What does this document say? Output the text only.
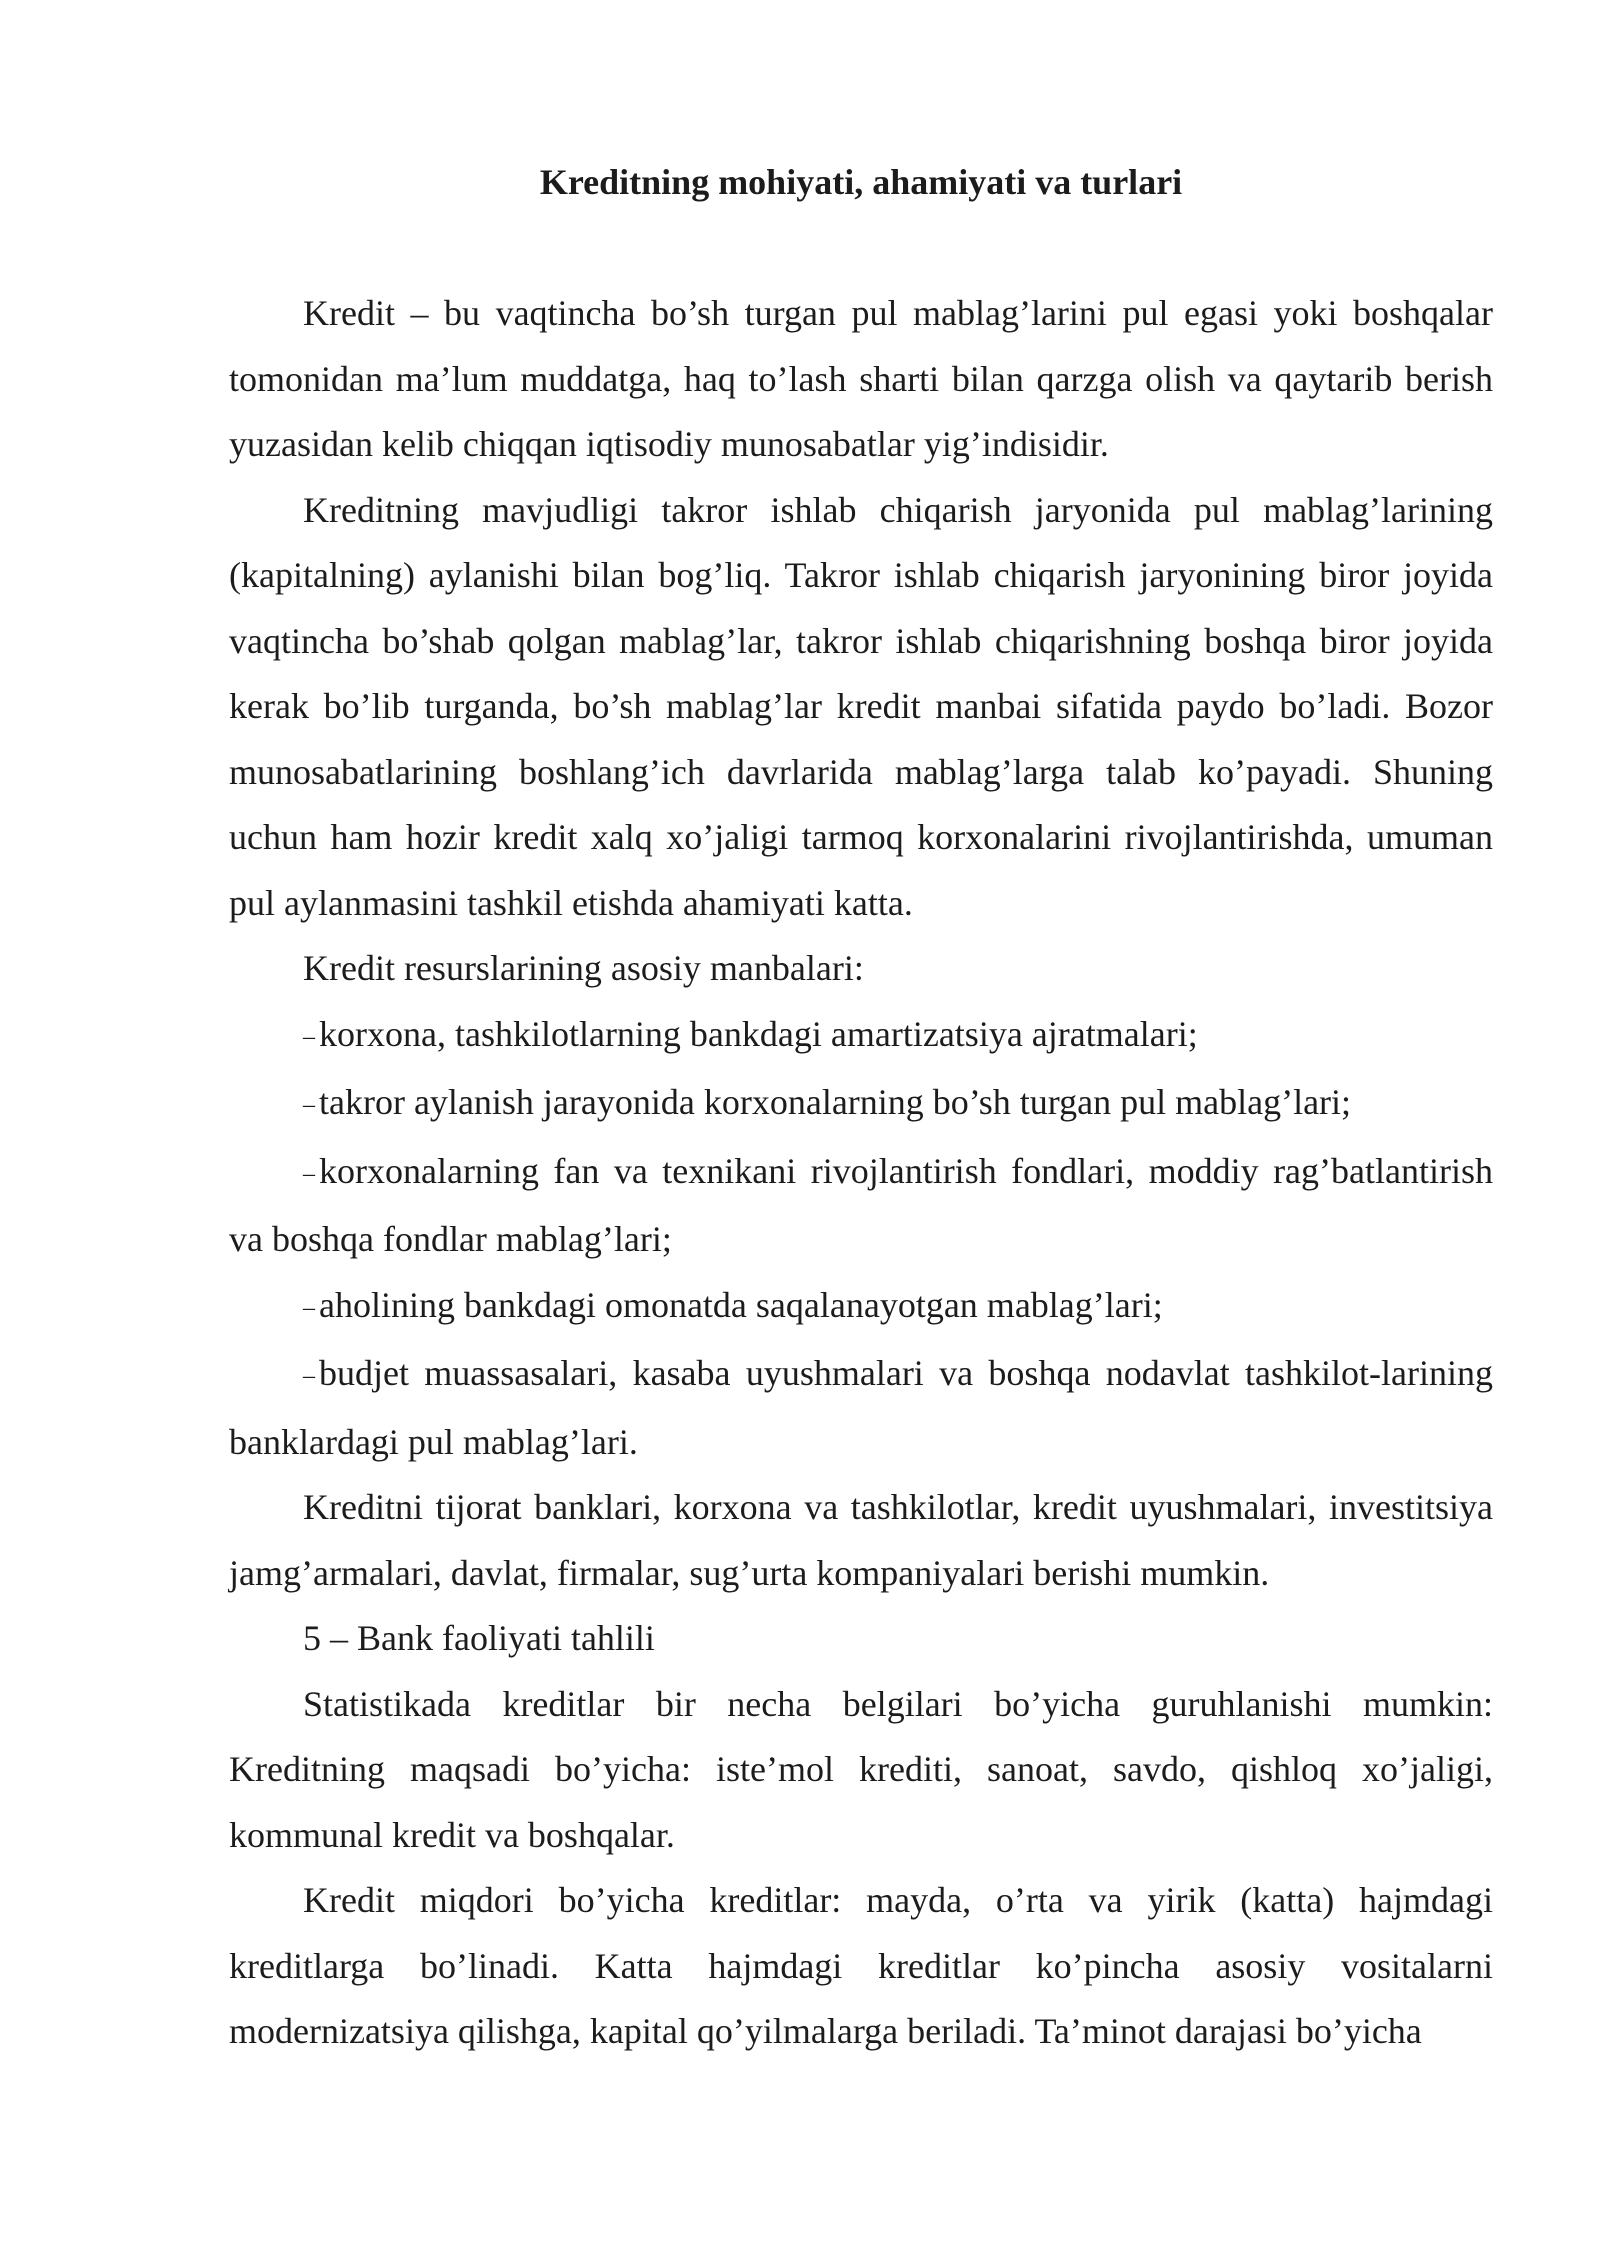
Kreditning mohiyati, ahamiyati va turlari

Kredit – bu vaqtincha bo’sh turgan pul mablag’larini pul egasi yoki boshqalar tomonidan ma’lum muddatga, haq to’lash sharti bilan qarzga olish va qaytarib berish yuzasidan kelib chiqqan iqtisodiy munosabatlar yig’indisidir.

Kreditning mavjudligi takror ishlab chiqarish jaryonida pul mablag’larining (kapitalning) aylanishi bilan bog’liq. Takror ishlab chiqarish jaryonining biror joyida vaqtincha bo’shab qolgan mablag’lar, takror ishlab chiqarishning boshqa biror joyida kerak bo’lib turganda, bo’sh mablag’lar kredit manbai sifatida paydo bo’ladi. Bozor munosabatlarining boshlang’ich davrlarida mablag’larga talab ko’payadi. Shuning uchun ham hozir kredit xalq xo’jaligi tarmoq korxonalarini rivojlantirishda, umuman pul aylanmasini tashkil etishda ahamiyati katta.

Kredit resurslarining asosiy manbalari:

– korxona, tashkilotlarning bankdagi amartizatsiya ajratmalari;

– takror aylanish jarayonida korxonalarning bo’sh turgan pul mablag’lari;

– korxonalarning fan va texnikani rivojlantirish fondlari, moddiy rag’batlantirish va boshqa fondlar mablag’lari;

– aholining bankdagi omonatda saqalanayotgan mablag’lari;

– budjet muassasalari, kasaba uyushmalari va boshqa nodavlat tashkilot-larining banklardagi pul mablag’lari.

Kreditni tijorat banklari, korxona va tashkilotlar, kredit uyushmalari, investitsiya jamg’armalari, davlat, firmalar, sug’urta kompaniyalari berishi mumkin.

5 – Bank faoliyati tahlili

Statistikada kreditlar bir necha belgilari bo’yicha guruhlanishi mumkin: Kreditning maqsadi bo’yicha: iste’mol krediti, sanoat, savdo, qishloq xo’jaligi, kommunal kredit va boshqalar.

Kredit miqdori bo’yicha kreditlar: mayda, o’rta va yirik (katta) hajmdagi kreditlarga bo’linadi. Katta hajmdagi kreditlar ko’pincha asosiy vositalarni modernizatsiya qilishga, kapital qo’yilmalarga beriladi. Ta’minot darajasi bo’yicha
